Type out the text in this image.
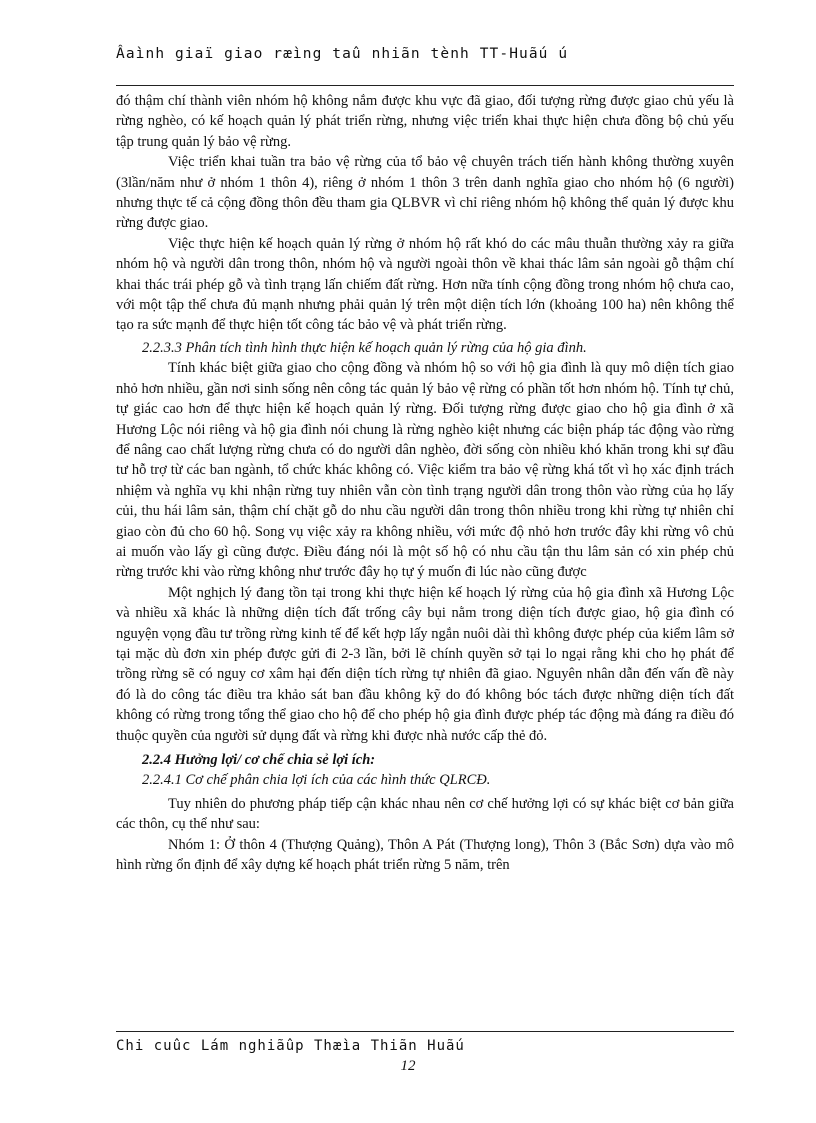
Âaình giaï giao ræìng taû nhiãn tènh TT-Huãú ú

đó thậm chí thành viên nhóm hộ không nắm được khu vực đã giao, đối tượng rừng được giao chủ yếu là rừng nghèo, có kế hoạch quản lý phát triển rừng, nhưng việc triển khai thực hiện chưa đồng bộ chủ yếu tập trung quản lý bảo vệ rừng.

Việc triển khai tuần tra bảo vệ rừng của tổ bảo vệ chuyên trách tiến hành không thường xuyên (3lần/năm như ở nhóm 1 thôn 4), riêng ở nhóm 1 thôn 3 trên danh nghĩa giao cho nhóm hộ (6 người) nhưng thực tế cả cộng đồng thôn đều tham gia QLBVR vì chỉ riêng nhóm hộ không thể quản lý được khu rừng được giao.

Việc thực hiện kế hoạch quản lý rừng ở nhóm hộ rất khó do các mâu thuẫn thường xảy ra giữa nhóm hộ và người dân trong thôn, nhóm hộ và người ngoài thôn về khai thác lâm sản ngoài gỗ thậm chí khai thác trái phép gỗ và tình trạng lấn chiếm đất rừng. Hơn nữa tính cộng đồng trong nhóm hộ chưa cao, với một tập thể chưa đủ mạnh nhưng phải quản lý trên một diện tích lớn (khoảng 100 ha) nên không thể tạo ra sức mạnh để thực hiện tốt công tác bảo vệ và phát triển rừng.

2.2.3.3 Phân tích tình hình thực hiện kế hoạch quản lý rừng của hộ gia đình.

Tính khác biệt giữa giao cho cộng đồng và nhóm hộ so với hộ gia đình là quy mô diện tích giao nhỏ hơn nhiều, gần nơi sinh sống nên công tác quản lý bảo vệ rừng có phần tốt hơn nhóm hộ. Tính tự chủ, tự giác cao hơn để thực hiện kế hoạch quản lý rừng. Đối tượng rừng được giao cho hộ gia đình ở xã Hương Lộc nói riêng và hộ gia đình nói chung là rừng nghèo kiệt nhưng các biện pháp tác động vào rừng để nâng cao chất lượng rừng chưa có do người dân nghèo, đời sống còn nhiều khó khăn trong khi sự đầu tư hỗ trợ từ các ban ngành, tổ chức khác không có. Việc kiểm tra bảo vệ rừng khá tốt vì họ xác định trách nhiệm và nghĩa vụ khi nhận rừng tuy nhiên vẫn còn tình trạng người dân trong thôn vào rừng của họ lấy củi, thu hái lâm sản, thậm chí chặt gỗ do nhu cầu người dân trong thôn nhiều trong khi rừng tự nhiên chỉ giao còn đủ cho 60 hộ. Song vụ việc xảy ra không nhiều, với mức độ nhỏ hơn trước đây khi rừng vô chủ ai muốn vào lấy gì cũng được. Điều đáng nói là một số hộ có nhu cầu tận thu lâm sản có xin phép chủ rừng trước khi vào rừng không như trước đây họ tự ý muốn đi lúc nào cũng được

Một nghịch lý đang tồn tại trong khi thực hiện kế hoạch lý rừng của hộ gia đình xã Hương Lộc và nhiều xã khác là những diện tích đất trống cây bụi nằm trong diện tích được giao, hộ gia đình có nguyện vọng đầu tư trồng rừng kinh tế để kết hợp lấy ngắn nuôi dài thì không được phép của kiểm lâm sở tại mặc dù đơn xin phép được gửi đi 2-3 lần, bởi lẽ chính quyền sở tại lo ngại rằng khi cho họ phát để trồng rừng sẽ có nguy cơ xâm hại đến diện tích rừng tự nhiên đã giao. Nguyên nhân dẫn đến vấn đề này đó là do công tác điều tra khảo sát ban đầu không kỹ do đó không bóc tách được những diện tích đất không có rừng trong tổng thể giao cho hộ để cho phép hộ gia đình được phép tác động mà đáng ra điều đó thuộc quyền của người sử dụng đất và rừng khi được nhà nước cấp thẻ đỏ.

2.2.4 Hưởng lợi/ cơ chế chia sẻ lợi ích:
2.2.4.1 Cơ chế phân chia lợi ích của các hình thức QLRCĐ.

Tuy nhiên do phương pháp tiếp cận khác nhau nên cơ chế hưởng lợi có sự khác biệt cơ bản giữa các thôn, cụ thể như sau:

Nhóm 1: Ở thôn 4 (Thượng Quảng), Thôn A Pát (Thượng long), Thôn 3 (Bắc Sơn) dựa vào mô hình rừng ổn định để xây dựng kế hoạch phát triển rừng 5 năm, trên

Chi cuûc Lám nghiãûp Thæìa Thiãn Huãú
12
